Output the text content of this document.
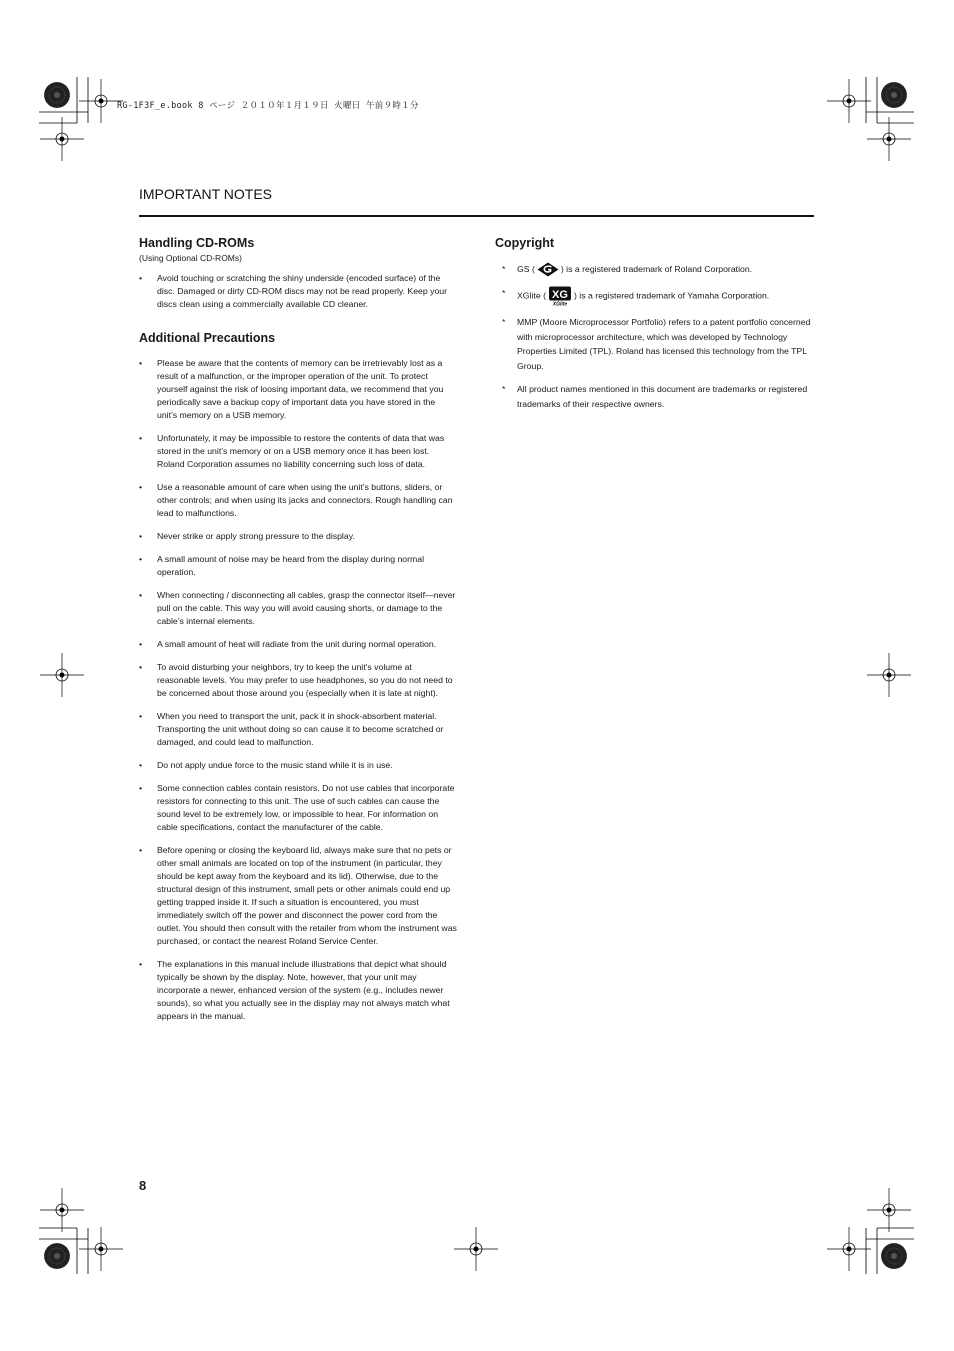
RG-1F3F_e.book 8 ページ ２０１０年１月１９日 火曜日 午前９時１分
IMPORTANT NOTES
Handling CD-ROMs

(Using Optional CD-ROMs)

• Avoid touching or scratching the shiny underside (encoded surface) of the disc. Damaged or dirty CD-ROM discs may not be read properly. Keep your discs clean using a commercially available CD cleaner.
Additional Precautions
• Please be aware that the contents of memory can be irretrievably lost as a result of a malfunction, or the improper operation of the unit. To protect yourself against the risk of loosing important data, we recommend that you periodically save a backup copy of important data you have stored in the unit’s memory on a USB memory.
• Unfortunately, it may be impossible to restore the contents of data that was stored in the unit’s memory or on a USB memory once it has been lost. Roland Corporation assumes no liability concerning such loss of data.
• Use a reasonable amount of care when using the unit’s buttons, sliders, or other controls; and when using its jacks and connectors. Rough handling can lead to malfunctions.
• Never strike or apply strong pressure to the display.
• A small amount of noise may be heard from the display during normal operation.
• When connecting / disconnecting all cables, grasp the connector itself—never pull on the cable. This way you will avoid causing shorts, or damage to the cable’s internal elements.
• A small amount of heat will radiate from the unit during normal operation.
• To avoid disturbing your neighbors, try to keep the unit’s volume at reasonable levels. You may prefer to use headphones, so you do not need to be concerned about those around you (especially when it is late at night).
• When you need to transport the unit, pack it in shock-absorbent material. Transporting the unit without doing so can cause it to become scratched or damaged, and could lead to malfunction.
• Do not apply undue force to the music stand while it is in use.
• Some connection cables contain resistors. Do not use cables that incorporate resistors for connecting to this unit. The use of such cables can cause the sound level to be extremely low, or impossible to hear. For information on cable specifications, contact the manufacturer of the cable.
• Before opening or closing the keyboard lid, always make sure that no pets or other small animals are located on top of the instrument (in particular, they should be kept away from the keyboard and its lid). Otherwise, due to the structural design of this instrument, small pets or other animals could end up getting trapped inside it. If such a situation is encountered, you must immediately switch off the power and disconnect the power cord from the outlet. You should then consult with the retailer from whom the instrument was purchased, or contact the nearest Roland Service Center.
• The explanations in this manual include illustrations that depict what should typically be shown by the display. Note, however, that your unit may incorporate a newer, enhanced version of the system (e.g., includes newer sounds), so what you actually see in the display may not always match what appears in the manual.
Copyright
* GS (	) is a registered trademark of Roland Corporation.
* XGlite ( XG
XGlite
) is a registered trademark of Yamaha Corporation.
* MMP (Moore Microprocessor Portfolio) refers to a patent portfolio concerned with microprocessor architecture, which was developed by Technology Properties Limited (TPL). Roland has licensed this technology from the TPL Group.
* All product names mentioned in this document are trademarks or registered trademarks of their respective owners.
8
